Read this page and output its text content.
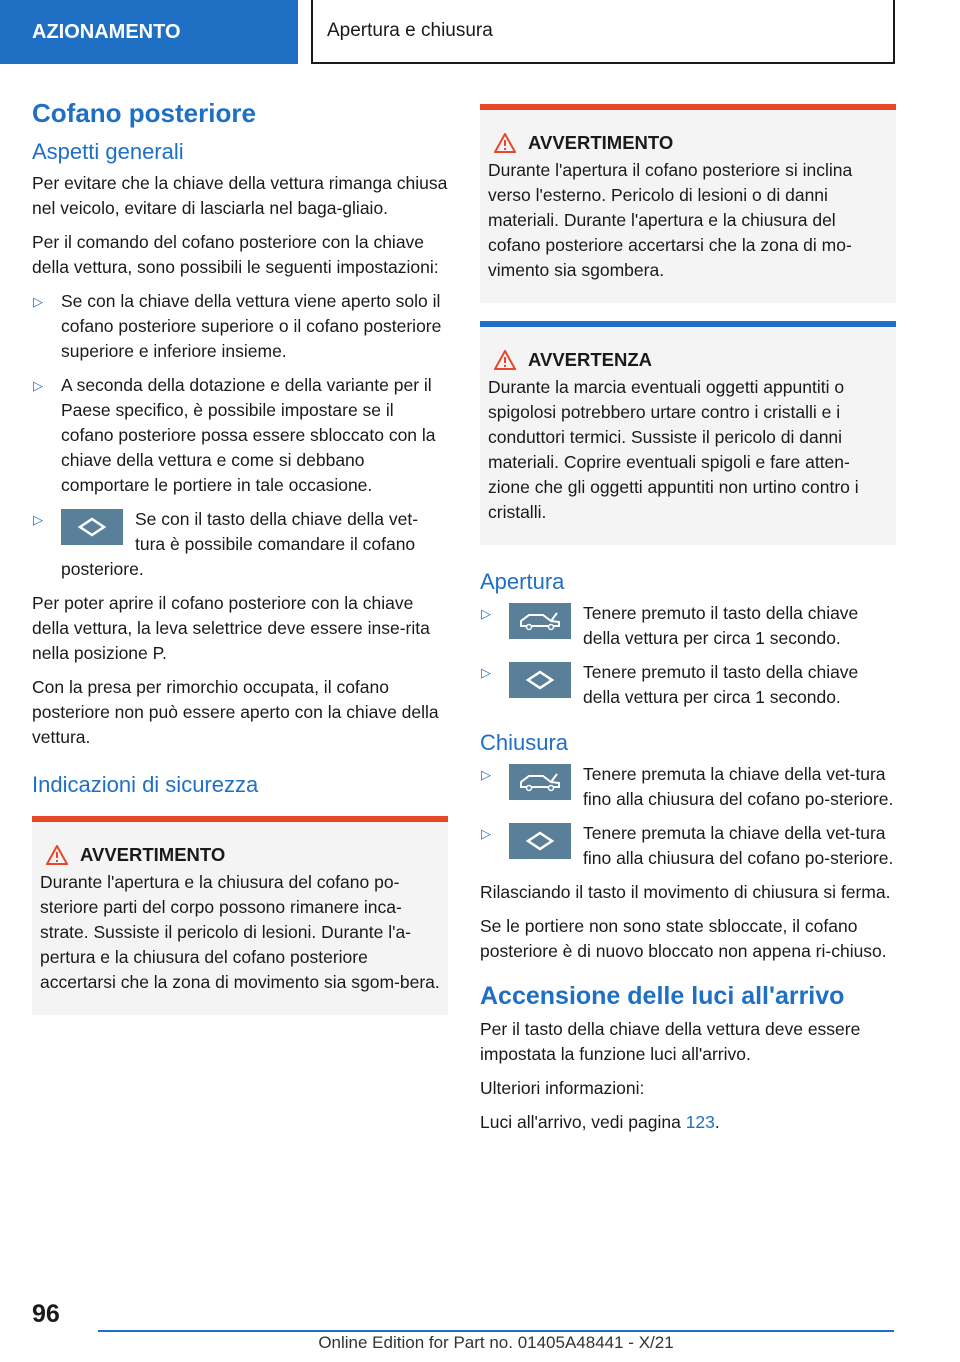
AZIONAMENTO	Apertura e chiusura
Cofano posteriore
Aspetti generali

Per evitare che la chiave della vettura rimanga chiusa nel veicolo, evitare di lasciarla nel baga-gliaio.

Per il comando del cofano posteriore con la chiave della vettura, sono possibili le seguenti impostazioni:

▷ Se con la chiave della vettura viene aperto solo il cofano posteriore superiore o il cofano posteriore superiore e inferiore insieme.
▷ A seconda della dotazione e della variante per il Paese specifico, è possibile impostare se il cofano posteriore possa essere sbloccato con la chiave della vettura e come si debbano comportare le portiere in tale occasione.
▷	Se con il tasto della chiave della vet-tura è possibile comandare il cofano posteriore.

Per poter aprire il cofano posteriore con la chiave della vettura, la leva selettrice deve essere inse-rita nella posizione P.

Con la presa per rimorchio occupata, il cofano posteriore non può essere aperto con la chiave della vettura.

Indicazioni di sicurezza
AVVERTIMENTO

Durante l'apertura e la chiusura del cofano po-steriore parti del corpo possono rimanere inca-strate. Sussiste il pericolo di lesioni. Durante l'a-pertura e la chiusura del cofano posteriore accertarsi che la zona di movimento sia sgom-bera.

AVVERTIMENTO

Durante l'apertura il cofano posteriore si inclina verso l'esterno. Pericolo di lesioni o di danni materiali. Durante l'apertura e la chiusura del cofano posteriore accertarsi che la zona di mo-vimento sia sgombera.

AVVERTENZA

Durante la marcia eventuali oggetti appuntiti o spigolosi potrebbero urtare contro i cristalli e i conduttori termici. Sussiste il pericolo di danni materiali. Coprire eventuali spigoli e fare atten-zione che gli oggetti appuntiti non urtino contro i cristalli.

Apertura
▷	Tenere premuto il tasto della chiave della vettura per circa 1 secondo.
▷	Tenere premuto il tasto della chiave della vettura per circa 1 secondo.
Chiusura
▷	Tenere premuta la chiave della vet-tura fino alla chiusura del cofano po-steriore.
▷	Tenere premuta la chiave della vet-tura fino alla chiusura del cofano po-steriore.

Rilasciando il tasto il movimento di chiusura si ferma.

Se le portiere non sono state sbloccate, il cofano posteriore è di nuovo bloccato non appena ri-chiuso.

Accensione delle luci all'arrivo

Per il tasto della chiave della vettura deve essere impostata la funzione luci all'arrivo.

Ulteriori informazioni:

Luci all'arrivo, vedi pagina 123.

96
Online Edition for Part no. 01405A48441 - X/21
